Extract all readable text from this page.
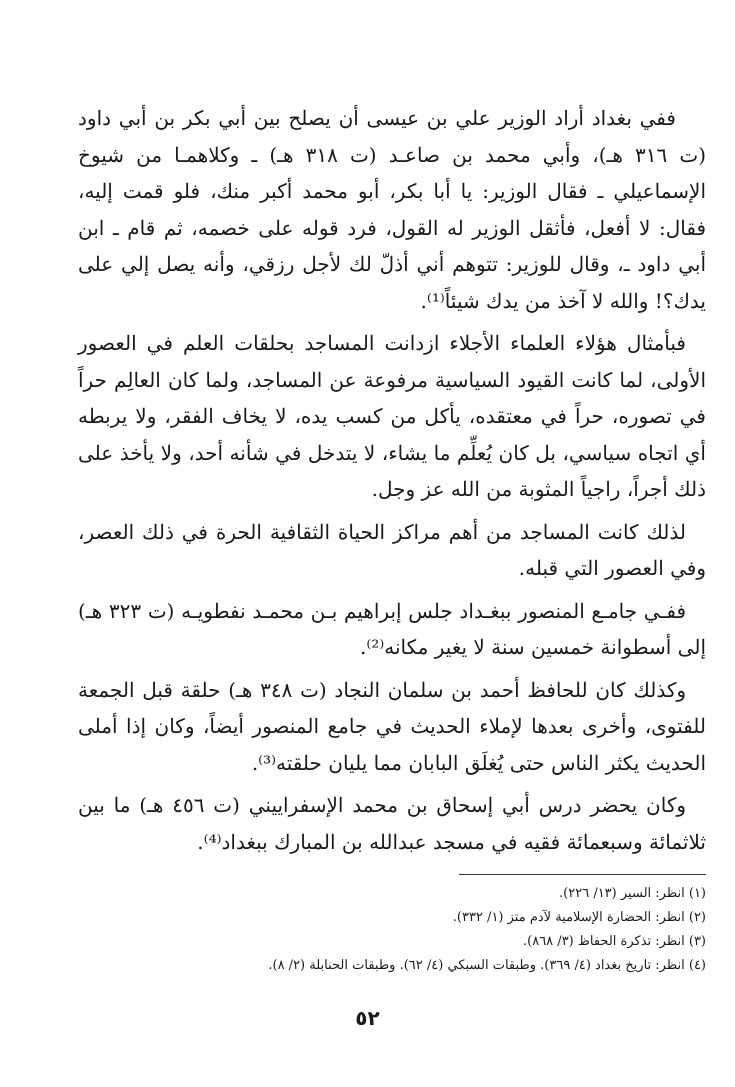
ففي بغداد أراد الوزير علي بن عيسى أن يصلح بين أبي بكر بن أبي داود (ت ٣١٦ هـ)، وأبي محمد بن صاعـد (ت ٣١٨ هـ) ـ وكلاهمـا من شيوخ الإسماعيلي ـ فقال الوزير: يا أبا بكر، أبو محمد أكبر منك، فلو قمت إليه، فقال: لا أفعل، فأثقل الوزير له القول، فرد قوله على خصمه، ثم قام ـ ابن أبي داود ـ، وقال للوزير: تتوهم أني أذلّ لك لأجل رزقي، وأنه يصل إلي على يدك؟! والله لا آخذ من يدك شيئاً⁽¹⁾.

فبأمثال هؤلاء العلماء الأجلاء ازدانت المساجد بحلقات العلم في العصور الأولى، لما كانت القيود السياسية مرفوعة عن المساجد، ولما كان العالِم حراً في تصوره، حراً في معتقده، يأكل من كسب يده، لا يخاف الفقر، ولا يربطه أي اتجاه سياسي، بل كان يُعلِّم ما يشاء، لا يتدخل في شأنه أحد، ولا يأخذ على ذلك أجراً، راجياً المثوبة من الله عز وجل.

لذلك كانت المساجد من أهم مراكز الحياة الثقافية الحرة في ذلك العصر، وفي العصور التي قبله.

ففـي جامـع المنصور ببغـداد جلس إبراهيم بـن محمـد نفطويـه (ت ٣٢٣ هـ) إلى أسطوانة خمسين سنة لا يغير مكانه⁽²⁾.

وكذلك كان للحافظ أحمد بن سلمان النجاد (ت ٣٤٨ هـ) حلقة قبل الجمعة للفتوى، وأخرى بعدها لإملاء الحديث في جامع المنصور أيضاً، وكان إذا أملى الحديث يكثر الناس حتى يُغلَق البابان مما يليان حلقته⁽³⁾.

وكان يحضر درس أبي إسحاق بن محمد الإسفراييني (ت ٤٥٦ هـ) ما بين ثلاثمائة وسبعمائة فقيه في مسجد عبدالله بن المبارك ببغداد⁽⁴⁾.

(١) انظر: السير (١٣/ ٢٢٦).

(٢) انظر: الحضارة الإسلامية لآدم متز (١/ ٣٣٢).

(٣) انظر: تذكرة الحفاظ (٣/ ٨٦٨).

(٤) انظر: تاريخ بغداد (٤/ ٣٦٩). وطبقات السبكي (٤/ ٦٢). وطبقات الحنابلة (٢/ ٨).

٥٢
